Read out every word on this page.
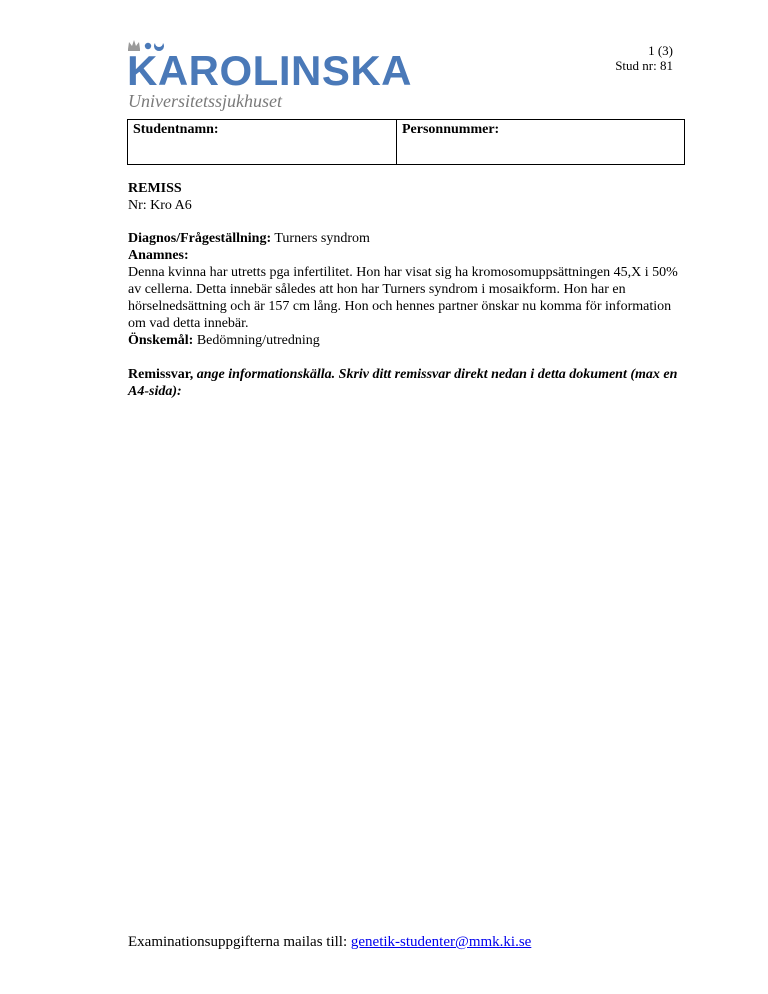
KAROLINSKA
Universitetssjukhuset
1 (3)
Stud nr: 81
Studentnamn:	Personnummer:

REMISS

Nr: Kro A6

Diagnos/Frågeställning: Turners syndrom

Anamnes:

Denna kvinna har utretts pga infertilitet. Hon har visat sig ha kromosomuppsättningen 45,X i 50% av cellerna. Detta innebär således att hon har Turners syndrom i mosaikform. Hon har en hörselnedsättning och är 157 cm lång. Hon och hennes partner önskar nu komma för information om vad detta innebär.

Önskemål: Bedömning/utredning

Remissvar, ange informationskälla. Skriv ditt remissvar direkt nedan i detta dokument (max en A4-sida):

Examinationsuppgifterna mailas till: genetik-studenter@mmk.ki.se
